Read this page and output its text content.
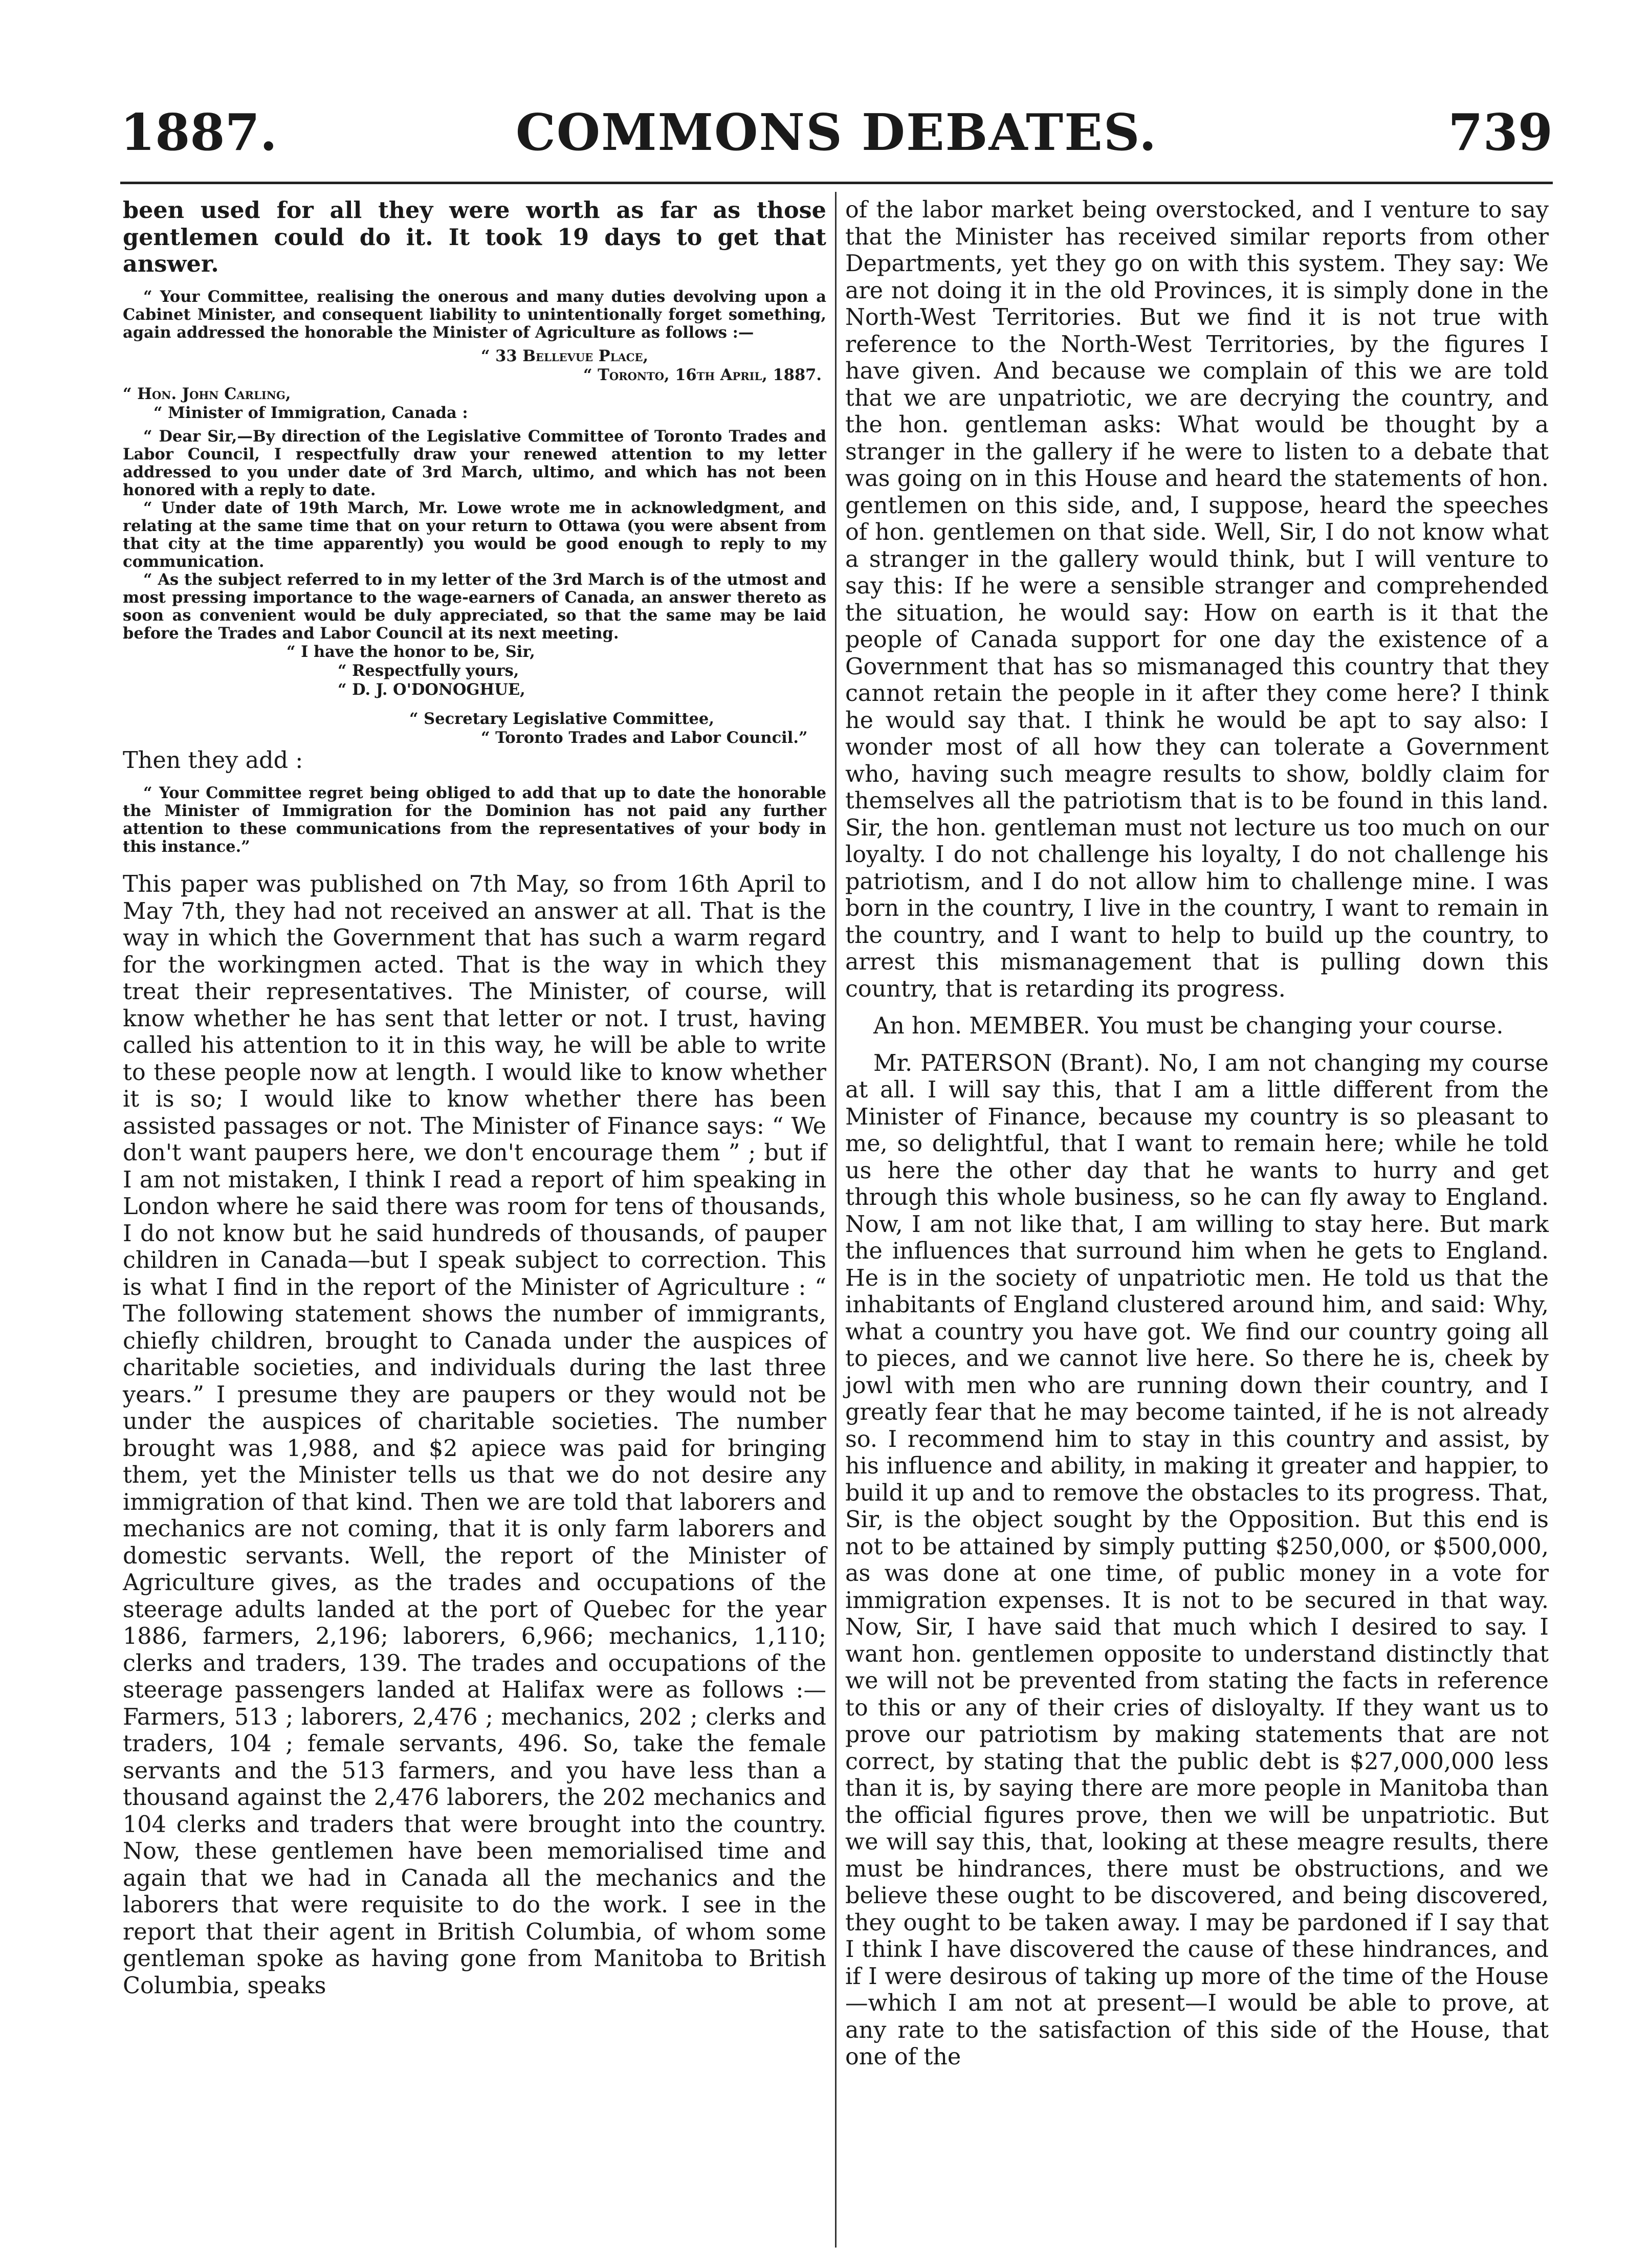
1887.	COMMONS DEBATES.	739

been used for all they were worth as far as those gentlemen could do it. It took 19 days to get that answer.

“ Your Committee, realising the onerous and many duties devolving upon a Cabinet Minister, and consequent liability to unintentionally forget something, again addressed the honorable the Minister of Agriculture as follows :—

“ 33 Bellevue Place,

“ Toronto, 16th April, 1887.

“ Hon. John Carling,

“ Minister of Immigration, Canada :

“ Dear Sir,—By direction of the Legislative Committee of Toronto Trades and Labor Council, I respectfully draw your renewed attention to my letter addressed to you under date of 3rd March, ultimo, and which has not been honored with a reply to date.

“ Under date of 19th March, Mr. Lowe wrote me in acknowledgment, and relating at the same time that on your return to Ottawa (you were absent from that city at the time apparently) you would be good enough to reply to my communication.

“ As the subject referred to in my letter of the 3rd March is of the utmost and most pressing importance to the wage-earners of Canada, an answer thereto as soon as convenient would be duly appreciated, so that the same may be laid before the Trades and Labor Council at its next meeting.

“ I have the honor to be, Sir,

“ Respectfully yours,

“ D. J. O'DONOGHUE,

“ Secretary Legislative Committee,

“ Toronto Trades and Labor Council.”

Then they add :

“ Your Committee regret being obliged to add that up to date the honorable the Minister of Immigration for the Dominion has not paid any further attention to these communications from the representatives of your body in this instance.”

This paper was published on 7th May, so from 16th April to May 7th, they had not received an answer at all. That is the way in which the Government that has such a warm regard for the workingmen acted. That is the way in which they treat their representatives. The Minister, of course, will know whether he has sent that letter or not. I trust, having called his attention to it in this way, he will be able to write to these people now at length. I would like to know whether it is so; I would like to know whether there has been assisted passages or not. The Minister of Finance says: “ We don't want paupers here, we don't encourage them ” ; but if I am not mistaken, I think I read a report of him speaking in London where he said there was room for tens of thousands, I do not know but he said hundreds of thousands, of pauper children in Canada—but I speak subject to correction. This is what I find in the report of the Minister of Agriculture : “ The following statement shows the number of immigrants, chiefly children, brought to Canada under the auspices of charitable societies, and individuals during the last three years.” I presume they are paupers or they would not be under the auspices of charitable societies. The number brought was 1,988, and $2 apiece was paid for bringing them, yet the Minister tells us that we do not desire any immigration of that kind. Then we are told that laborers and mechanics are not coming, that it is only farm laborers and domestic servants. Well, the report of the Minister of Agriculture gives, as the trades and occupations of the steerage adults landed at the port of Quebec for the year 1886, farmers, 2,196; laborers, 6,966; mechanics, 1,110; clerks and traders, 139. The trades and occupations of the steerage passengers landed at Halifax were as follows :—Farmers, 513 ; laborers, 2,476 ; mechanics, 202 ; clerks and traders, 104 ; female servants, 496. So, take the female servants and the 513 farmers, and you have less than a thousand against the 2,476 laborers, the 202 mechanics and 104 clerks and traders that were brought into the country. Now, these gentlemen have been memorialised time and again that we had in Canada all the mechanics and the laborers that were requisite to do the work. I see in the report that their agent in British Columbia, of whom some gentleman spoke as having gone from Manitoba to British Columbia, speaks

of the labor market being overstocked, and I venture to say that the Minister has received similar reports from other Departments, yet they go on with this system. They say: We are not doing it in the old Provinces, it is simply done in the North-West Territories. But we find it is not true with reference to the North-West Territories, by the figures I have given. And because we complain of this we are told that we are unpatriotic, we are decrying the country, and the hon. gentleman asks: What would be thought by a stranger in the gallery if he were to listen to a debate that was going on in this House and heard the statements of hon. gentlemen on this side, and, I suppose, heard the speeches of hon. gentlemen on that side. Well, Sir, I do not know what a stranger in the gallery would think, but I will venture to say this: If he were a sensible stranger and comprehended the situation, he would say: How on earth is it that the people of Canada support for one day the existence of a Government that has so mismanaged this country that they cannot retain the people in it after they come here? I think he would say that. I think he would be apt to say also: I wonder most of all how they can tolerate a Government who, having such meagre results to show, boldly claim for themselves all the patriotism that is to be found in this land. Sir, the hon. gentleman must not lecture us too much on our loyalty. I do not challenge his loyalty, I do not challenge his patriotism, and I do not allow him to challenge mine. I was born in the country, I live in the country, I want to remain in the country, and I want to help to build up the country, to arrest this mismanagement that is pulling down this country, that is retarding its progress.

An hon. MEMBER. You must be changing your course.

Mr. PATERSON (Brant). No, I am not changing my course at all. I will say this, that I am a little different from the Minister of Finance, because my country is so pleasant to me, so delightful, that I want to remain here; while he told us here the other day that he wants to hurry and get through this whole business, so he can fly away to England. Now, I am not like that, I am willing to stay here. But mark the influences that surround him when he gets to England. He is in the society of unpatriotic men. He told us that the inhabitants of England clustered around him, and said: Why, what a country you have got. We find our country going all to pieces, and we cannot live here. So there he is, cheek by jowl with men who are running down their country, and I greatly fear that he may become tainted, if he is not already so. I recommend him to stay in this country and assist, by his influence and ability, in making it greater and happier, to build it up and to remove the obstacles to its progress. That, Sir, is the object sought by the Opposition. But this end is not to be attained by simply putting $250,000, or $500,000, as was done at one time, of public money in a vote for immigration expenses. It is not to be secured in that way. Now, Sir, I have said that much which I desired to say. I want hon. gentlemen opposite to understand distinctly that we will not be prevented from stating the facts in reference to this or any of their cries of disloyalty. If they want us to prove our patriotism by making statements that are not correct, by stating that the public debt is $27,000,000 less than it is, by saying there are more people in Manitoba than the official figures prove, then we will be unpatriotic. But we will say this, that, looking at these meagre results, there must be hindrances, there must be obstructions, and we believe these ought to be discovered, and being discovered, they ought to be taken away. I may be pardoned if I say that I think I have discovered the cause of these hindrances, and if I were desirous of taking up more of the time of the House—which I am not at present—I would be able to prove, at any rate to the satisfaction of this side of the House, that one of the
